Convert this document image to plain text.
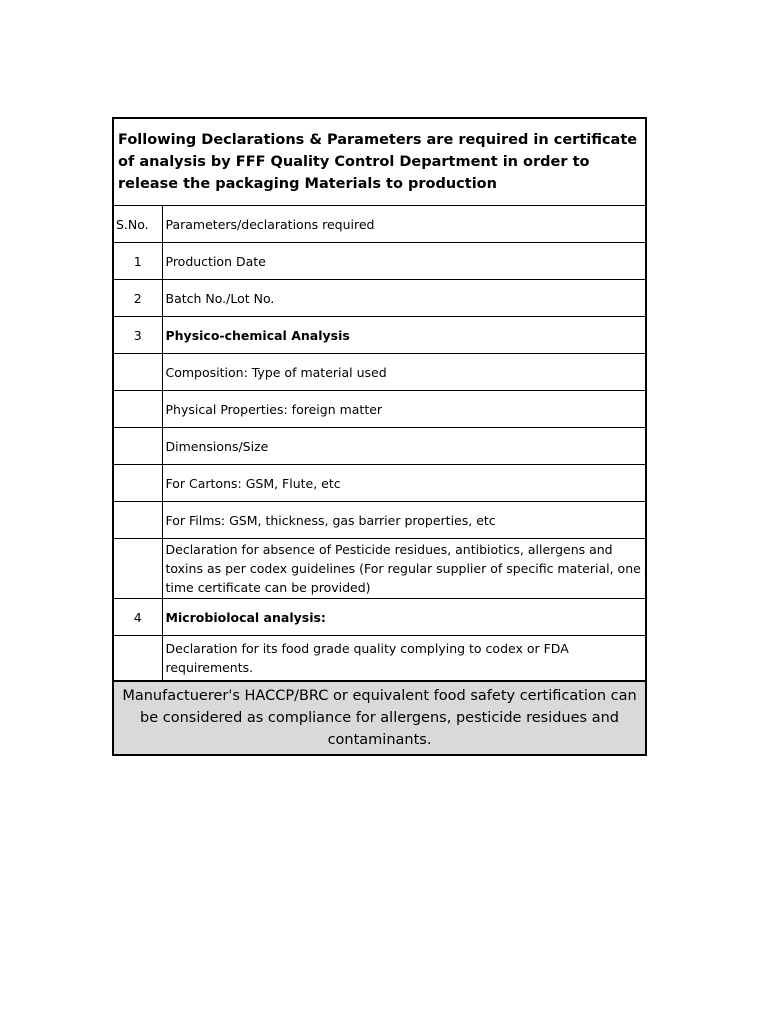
Following Declarations & Parameters are required in certificate of analysis by FFF Quality Control Department in order to release the packaging Materials to production	
S.No.	Parameters/declarations required
1	Production Date
2	Batch No./Lot No.
3	Physico-chemical Analysis
	Composition: Type of material used
	Physical Properties: foreign matter
	Dimensions/Size
	For Cartons: GSM, Flute, etc
	For Films: GSM, thickness, gas barrier properties, etc
	Declaration for absence of Pesticide residues, antibiotics, allergens and toxins as per codex guidelines (For regular supplier of specific material, one time certificate can be provided)
4	Microbiolocal analysis:
	Declaration for its food grade quality complying to codex or FDA requirements.
Manufactuerer's HACCP/BRC or equivalent food safety certification can be considered as compliance for allergens, pesticide residues and contaminants.	
